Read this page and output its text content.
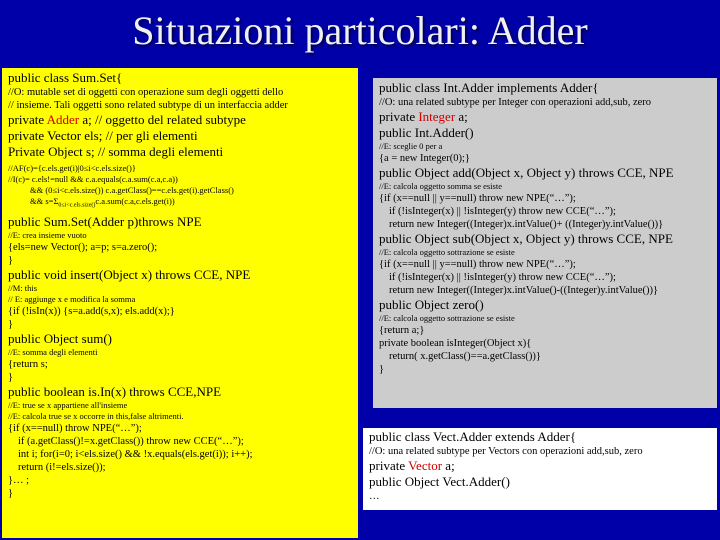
Situazioni particolari: Adder
public class Sum.Set{
//O: mutable set di oggetti con operazione sum degli oggetti dello
// insieme. Tali oggetti sono related subtype di un interfaccia adder
private Adder a; // oggetto del related subtype
private Vector els; // per gli elementi
Private Object s; // somma degli elementi
//AF(c)={c.els.get(i)|0≤i<c.els.size()}
//I(c)= c.els!=null && c.a.equals(c.a.sum(c.a,c.a))
&& (0≤i<c.els.size()) c.a.getClass()==c.els.get(i).getClass()
&& $s=\Sigma_{0\le i<c.els.size()}c.a.sum(c.a,c.els.get(i))$
public Sum.Set(Adder p)throws NPE
//E: crea insieme vuoto
{els=new Vector(); a=p; s=a.zero();
}
public void insert(Object x) throws CCE, NPE
//M: this
// E: aggiunge x e modifica la somma
{if (!isIn(x)) {s=a.add(s,x); els.add(x);}
}
public Object sum()
//E: somma degli elementi
{return s;
}
public boolean is.In(x) throws CCE,NPE
//E: true se x appartiene all'insieme
//E: calcola true se x occorre in this,false altrimenti.
{if (x==null) throw NPE(“…”);
if (a.getClass()!=x.getClass()) throw new CCE(“…”);
int i; for(i=0; i<els.size() && !x.equals(els.get(i)); i++);
return (i!=els.size());
}… ;
}
public class Int.Adder implements Adder{
//O: una related subtype per Integer con operazioni add,sub, zero
private Integer a;
public Int.Adder()
//E: sceglie 0 per a
{a = new Integer(0);}
public Object add(Object x, Object y) throws CCE, NPE
//E: calcola oggetto somma se esiste
{if (x==null || y==null) throw new NPE(“…”);
if (!isInteger(x) || !isInteger(y) throw new CCE(“…”);
return new Integer((Integer)x.intValue()+ ((Integer)y.intValue())}
public Object sub(Object x, Object y) throws CCE, NPE
//E: calcola oggetto sottrazione se esiste
{if (x==null || y==null) throw new NPE(“…”);
if (!isInteger(x) || !isInteger(y) throw new CCE(“…”);
return new Integer((Integer)x.intValue()-((Integer)y.intValue())}
public Object zero()
//E: calcola oggetto sottrazione se esiste
{return a;}
private boolean isInteger(Object x){
return( x.getClass()==a.getClass())}
}
public class Vect.Adder extends Adder{
//O: una related subtype per Vectors con operazioni add,sub, zero
private Vector a;
public Object Vect.Adder()
…
